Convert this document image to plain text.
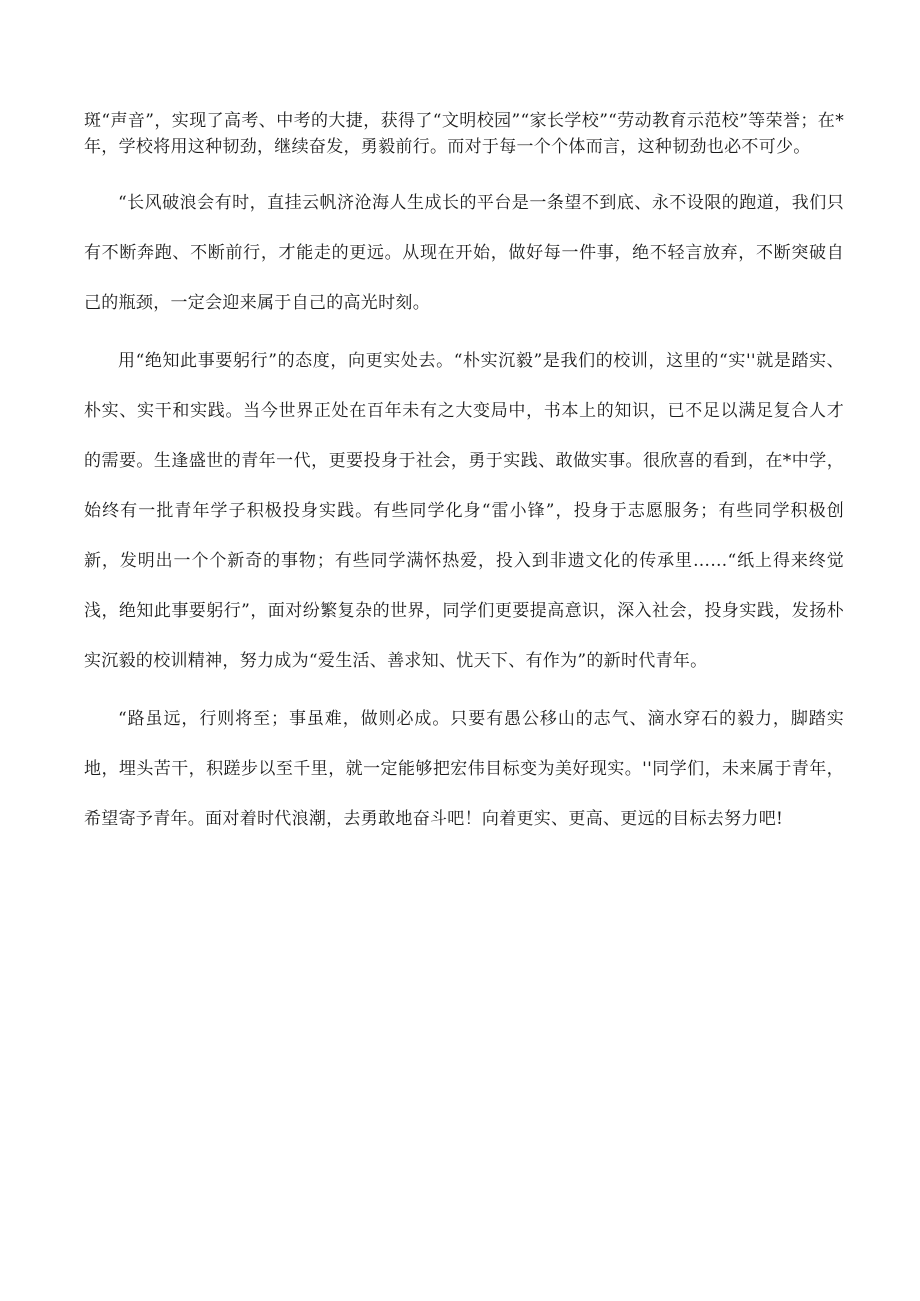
斑“声音”，实现了高考、中考的大捷，获得了“文明校园”“家长学校”“劳动教育示范校”等荣誉；在*年，学校将用这种韧劲，继续奋发，勇毅前行。而对于每一个个体而言，这种韧劲也必不可少。

“长风破浪会有时，直挂云帆济沧海人生成长的平台是一条望不到底、永不设限的跑道，我们只有不断奔跑、不断前行，才能走的更远。从现在开始，做好每一件事，绝不轻言放弃，不断突破自己的瓶颈，一定会迎来属于自己的高光时刻。

用“绝知此事要躬行”的态度，向更实处去。“朴实沉毅”是我们的校训，这里的“实''就是踏实、朴实、实干和实践。当今世界正处在百年未有之大变局中，书本上的知识，已不足以满足复合人才的需要。生逢盛世的青年一代，更要投身于社会，勇于实践、敢做实事。很欣喜的看到，在*中学，始终有一批青年学子积极投身实践。有些同学化身“雷小锋”，投身于志愿服务；有些同学积极创新，发明出一个个新奇的事物；有些同学满怀热爱，投入到非遗文化的传承里……“纸上得来终觉浅，绝知此事要躬行”，面对纷繁复杂的世界，同学们更要提高意识，深入社会，投身实践，发扬朴实沉毅的校训精神，努力成为“爱生活、善求知、忧天下、有作为”的新时代青年。

“路虽远，行则将至；事虽难，做则必成。只要有愚公移山的志气、滴水穿石的毅力，脚踏实地，埋头苦干，积蹉步以至千里，就一定能够把宏伟目标变为美好现实。''同学们，未来属于青年，希望寄予青年。面对着时代浪潮，去勇敢地奋斗吧！向着更实、更高、更远的目标去努力吧!
